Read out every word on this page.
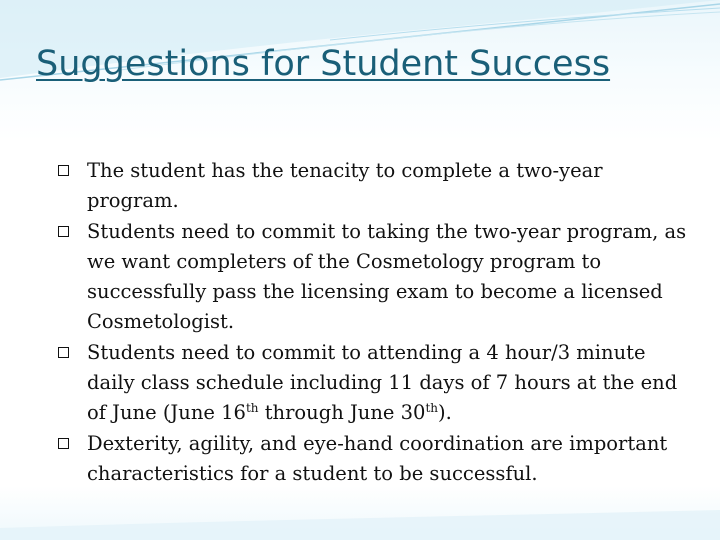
Suggestions for Student Success
The student has the tenacity to complete a two-year program.
Students need to commit to taking the two-year program, as we want completers of the Cosmetology program to successfully pass the licensing exam to become a licensed Cosmetologist.
Students need to commit to attending a 4 hour/3 minute daily class schedule including 11 days of 7 hours at the end of June (June 16th through June 30th).
Dexterity, agility, and eye-hand coordination are important characteristics for a student to be successful.
